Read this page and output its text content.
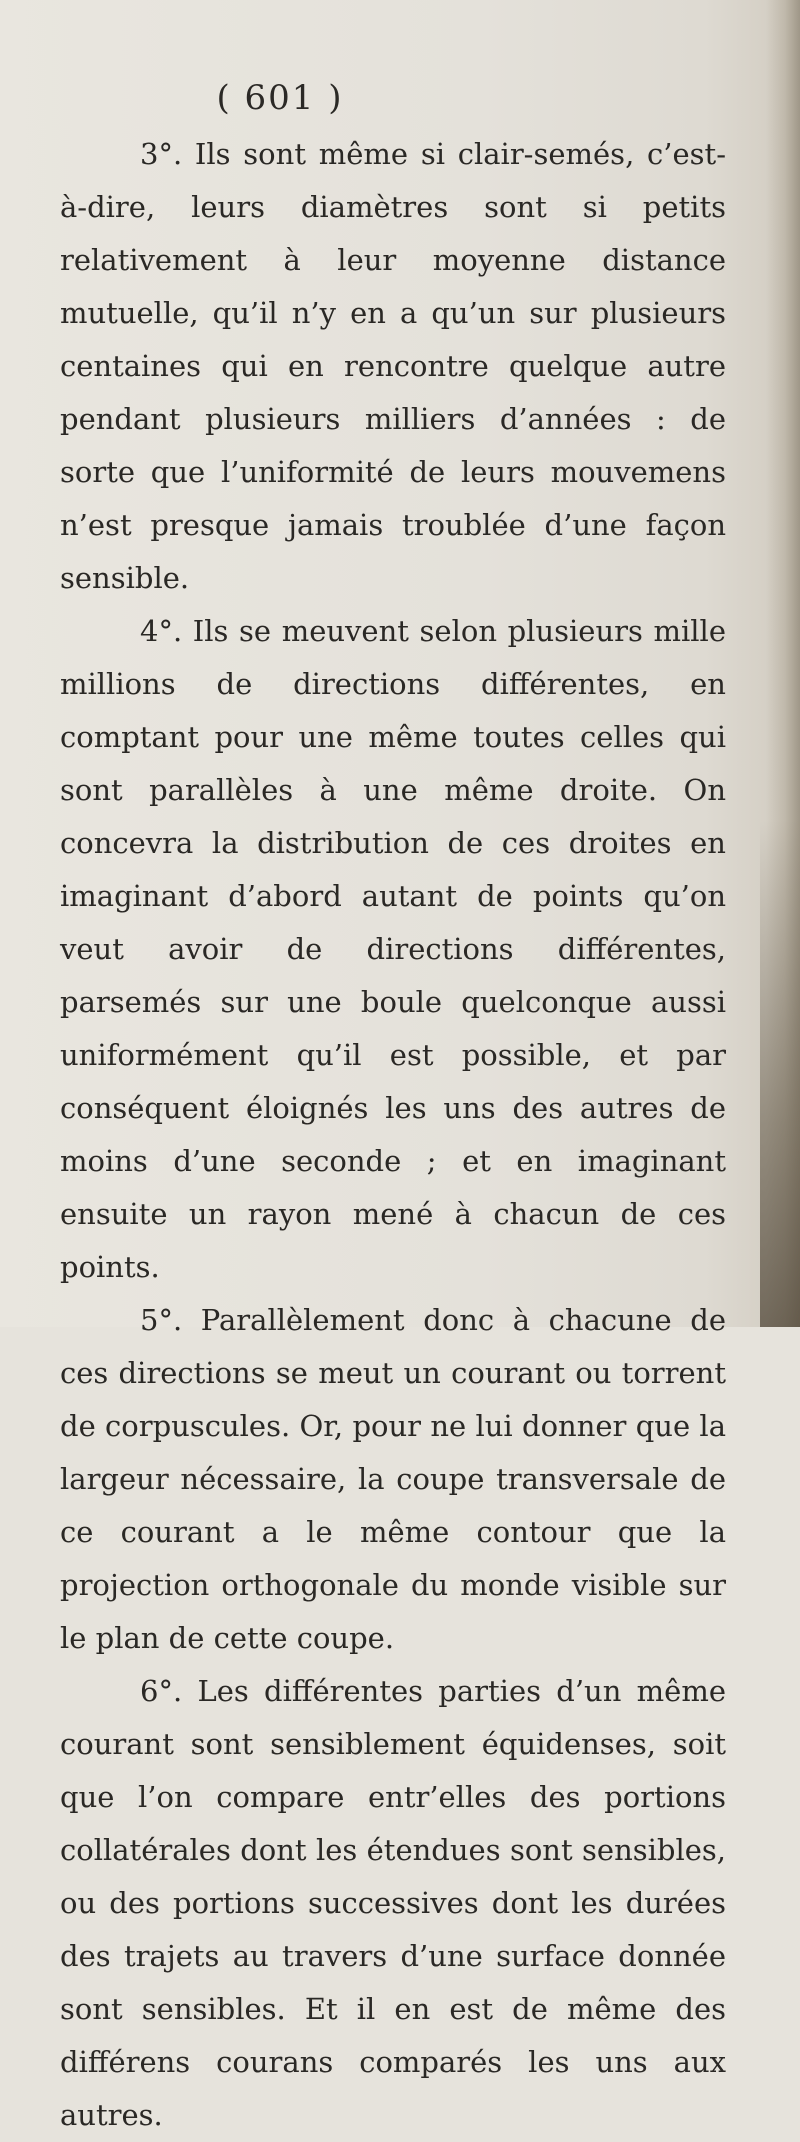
( 601 )

3°. Ils sont même si clair-semés, c’est-à-dire, leurs diamètres sont si petits relativement à leur moyenne distance mutuelle, qu’il n’y en a qu’un sur plusieurs centaines qui en rencontre quelque autre pendant plusieurs milliers d’années : de sorte que l’uniformité de leurs mouvemens n’est presque jamais troublée d’une façon sensible.

4°. Ils se meuvent selon plusieurs mille millions de directions différentes, en comptant pour une même toutes celles qui sont parallèles à une même droite. On concevra la distribution de ces droites en imaginant d’abord autant de points qu’on veut avoir de directions différentes, parsemés sur une boule quelconque aussi uniformément qu’il est possible, et par conséquent éloignés les uns des autres de moins d’une seconde ; et en imaginant ensuite un rayon mené à chacun de ces points.

5°. Parallèlement donc à chacune de ces directions se meut un courant ou torrent de corpuscules. Or, pour ne lui donner que la largeur nécessaire, la coupe transversale de ce courant a le même contour que la projection orthogonale du monde visible sur le plan de cette coupe.

6°. Les différentes parties d’un même courant sont sensiblement équidenses, soit que l’on compare entr’elles des portions collatérales dont les étendues sont sensibles, ou des portions successives dont les durées des trajets au travers d’une surface donnée sont sensibles. Et il en est de même des différens courans comparés les uns aux autres.
